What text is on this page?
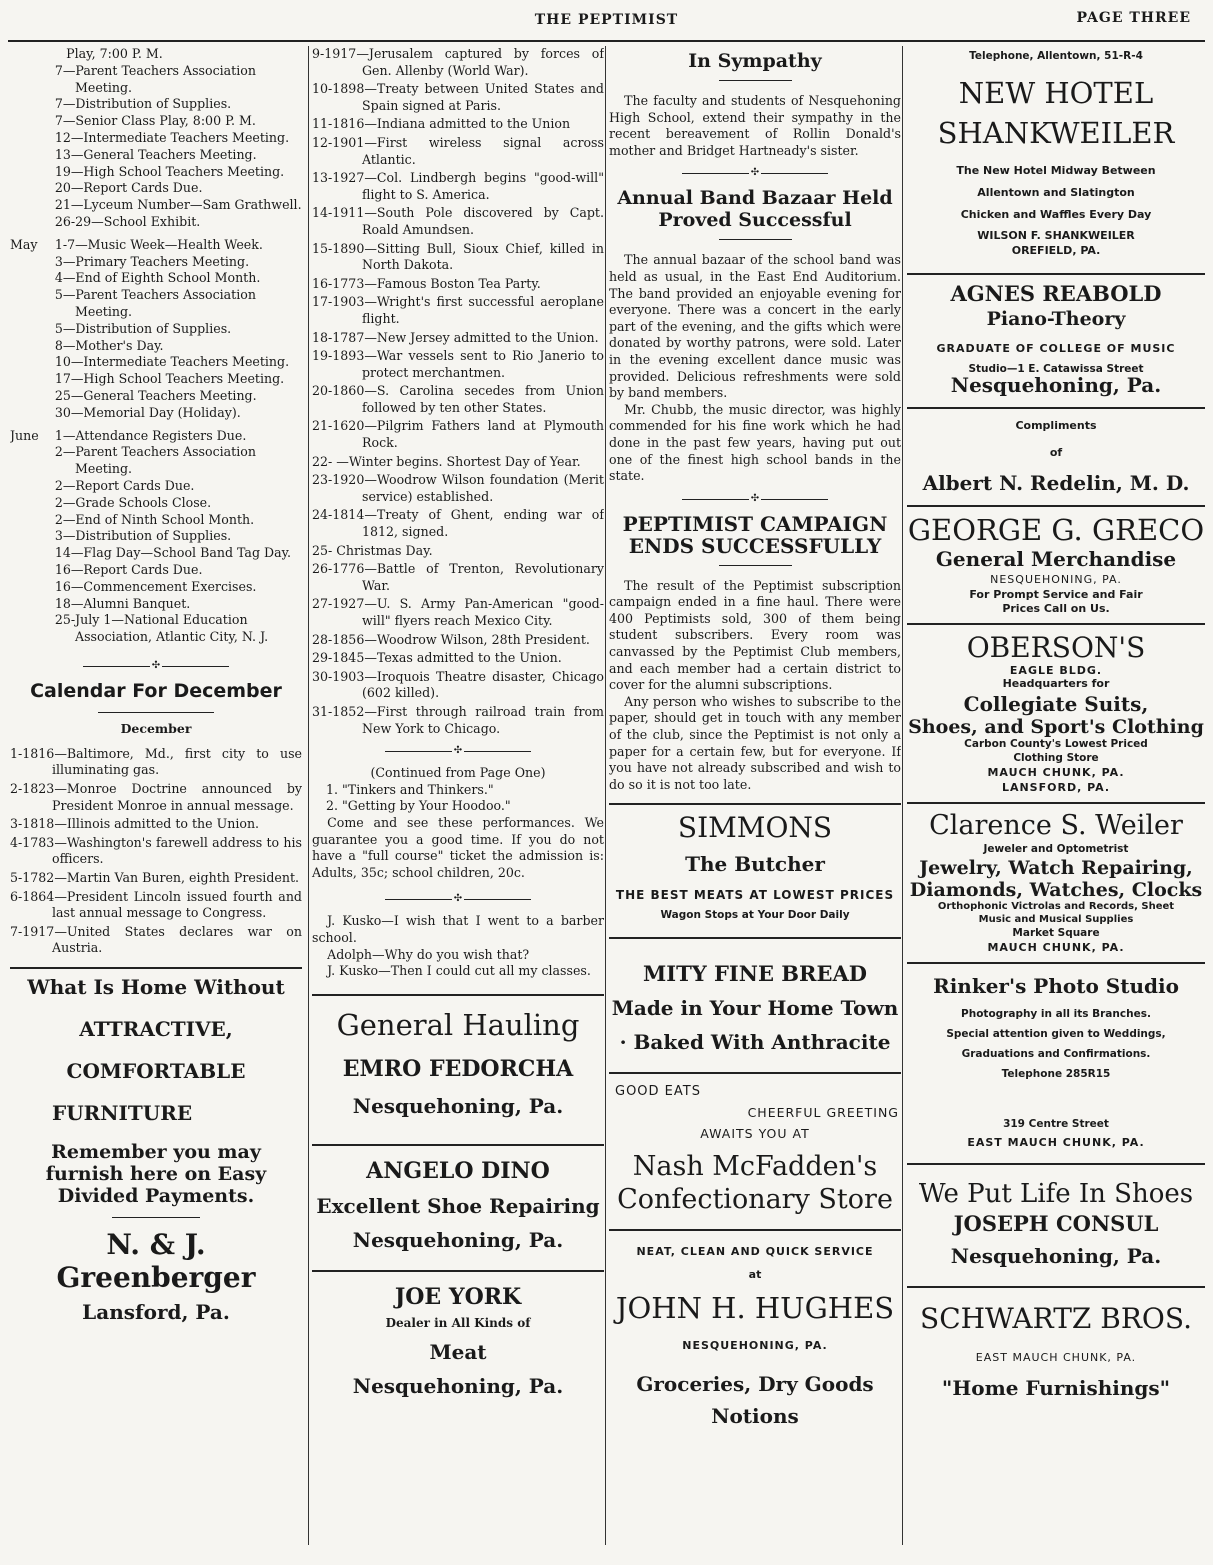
THE PEPTIMIST	PAGE THREE
Play, 7:00 P. M.
7—Parent Teachers Association Meeting.
7—Distribution of Supplies.
7—Senior Class Play, 8:00 P. M.
12—Intermediate Teachers Meeting.
13—General Teachers Meeting.
19—High School Teachers Meeting.
20—Report Cards Due.
21—Lyceum Number—Sam Grathwell.
26-29—School Exhibit.
May	1-7—Music Week—Health Week.
3—Primary Teachers Meeting.
4—End of Eighth School Month.
5—Parent Teachers Association Meeting.
5—Distribution of Supplies.
8—Mother's Day.
10—Intermediate Teachers Meeting.
17—High School Teachers Meeting.
25—General Teachers Meeting.
30—Memorial Day (Holiday).
June	1—Attendance Registers Due.
2—Parent Teachers Association Meeting.
2—Report Cards Due.
2—Grade Schools Close.
2—End of Ninth School Month.
3—Distribution of Supplies.
14—Flag Day—School Band Tag Day.
16—Report Cards Due.
16—Commencement Exercises.
18—Alumni Banquet.
25-July 1—National Education Association, Atlantic City, N. J.
✣
Calendar For December
December
1-1816—Baltimore, Md., first city to use illuminating gas.
2-1823—Monroe Doctrine announced by President Monroe in annual message.
3-1818—Illinois admitted to the Union.
4-1783—Washington's farewell address to his officers.
5-1782—Martin Van Buren, eighth President.
6-1864—President Lincoln issued fourth and last annual message to Congress.
7-1917—United States declares war on Austria.
What Is Home Without
ATTRACTIVE,
COMFORTABLE
FURNITURE
Remember you may furnish here on Easy Divided Payments.
N. & J. Greenberger
Lansford, Pa.
9-1917—Jerusalem captured by forces of Gen. Allenby (World War).
10-1898—Treaty between United States and Spain signed at Paris.
11-1816—Indiana admitted to the Union
12-1901—First wireless signal across Atlantic.
13-1927—Col. Lindbergh begins "good-will" flight to S. America.
14-1911—South Pole discovered by Capt. Roald Amundsen.
15-1890—Sitting Bull, Sioux Chief, killed in North Dakota.
16-1773—Famous Boston Tea Party.
17-1903—Wright's first successful aeroplane flight.
18-1787—New Jersey admitted to the Union.
19-1893—War vessels sent to Rio Janerio to protect merchantmen.
20-1860—S. Carolina secedes from Union followed by ten other States.
21-1620—Pilgrim Fathers land at Plymouth Rock.
22- —Winter begins. Shortest Day of Year.
23-1920—Woodrow Wilson foundation (Merit service) established.
24-1814—Treaty of Ghent, ending war of 1812, signed.
25- Christmas Day.
26-1776—Battle of Trenton, Revolutionary War.
27-1927—U. S. Army Pan-American "good-will" flyers reach Mexico City.
28-1856—Woodrow Wilson, 28th President.
29-1845—Texas admitted to the Union.
30-1903—Iroquois Theatre disaster, Chicago (602 killed).
31-1852—First through railroad train from New York to Chicago.
✣
(Continued from Page One)
1. "Tinkers and Thinkers."
2. "Getting by Your Hoodoo."

Come and see these performances. We guarantee you a good time. If you do not have a "full course" ticket the admission is: Adults, 35c; school children, 20c.

✣

J. Kusko—I wish that I went to a barber school.

Adolph—Why do you wish that?

J. Kusko—Then I could cut all my classes.

General Hauling
EMRO FEDORCHA
Nesquehoning, Pa.
ANGELO DINO
Excellent Shoe Repairing
Nesquehoning, Pa.
JOE YORK
Dealer in All Kinds of
Meat
Nesquehoning, Pa.
In Sympathy

The faculty and students of Nesquehoning High School, extend their sympathy in the recent bereavement of Rollin Donald's mother and Bridget Hartneady's sister.

✣
Annual Band Bazaar Held Proved Successful

The annual bazaar of the school band was held as usual, in the East End Auditorium. The band provided an enjoyable evening for everyone. There was a concert in the early part of the evening, and the gifts which were donated by worthy patrons, were sold. Later in the evening excellent dance music was provided. Delicious refreshments were sold by band members.

Mr. Chubb, the music director, was highly commended for his fine work which he had done in the past few years, having put out one of the finest high school bands in the state.

✣
PEPTIMIST CAMPAIGN ENDS SUCCESSFULLY

The result of the Peptimist subscription campaign ended in a fine haul. There were 400 Peptimists sold, 300 of them being student subscribers. Every room was canvassed by the Peptimist Club members, and each member had a certain district to cover for the alumni subscriptions.

Any person who wishes to subscribe to the paper, should get in touch with any member of the club, since the Peptimist is not only a paper for a certain few, but for everyone. If you have not already subscribed and wish to do so it is not too late.

SIMMONS
The Butcher
THE BEST MEATS AT LOWEST PRICES
Wagon Stops at Your Door Daily
MITY FINE BREAD
Made in Your Home Town
· Baked With Anthracite
GOOD EATS
CHEERFUL GREETING
AWAITS YOU AT
Nash McFadden's
Confectionary Store
NEAT, CLEAN AND QUICK SERVICE
at
JOHN H. HUGHES
NESQUEHONING, PA.
Groceries, Dry Goods
Notions
Telephone, Allentown, 51-R-4
NEW HOTEL
SHANKWEILER
The New Hotel Midway Between
Allentown and Slatington
Chicken and Waffles Every Day
WILSON F. SHANKWEILER
OREFIELD, PA.
AGNES REABOLD
Piano-Theory
GRADUATE OF COLLEGE OF MUSIC
Studio—1 E. Catawissa Street
Nesquehoning, Pa.
Compliments
of
Albert N. Redelin, M. D.
GEORGE G. GRECO
General Merchandise
NESQUEHONING, PA.
For Prompt Service and Fair
Prices Call on Us.
OBERSON'S
EAGLE BLDG.
Headquarters for
Collegiate Suits,
Shoes, and Sport's Clothing
Carbon County's Lowest Priced
Clothing Store
MAUCH CHUNK, PA.
LANSFORD, PA.
Clarence S. Weiler
Jeweler and Optometrist
Jewelry, Watch Repairing,
Diamonds, Watches, Clocks
Orthophonic Victrolas and Records, Sheet
Music and Musical Supplies
Market Square
MAUCH CHUNK, PA.
Rinker's Photo Studio
Photography in all its Branches.
Special attention given to Weddings,
Graduations and Confirmations.
Telephone 285R15
319 Centre Street
EAST MAUCH CHUNK, PA.
We Put Life In Shoes
JOSEPH CONSUL
Nesquehoning, Pa.
SCHWARTZ BROS.
EAST MAUCH CHUNK, PA.
"Home Furnishings"
